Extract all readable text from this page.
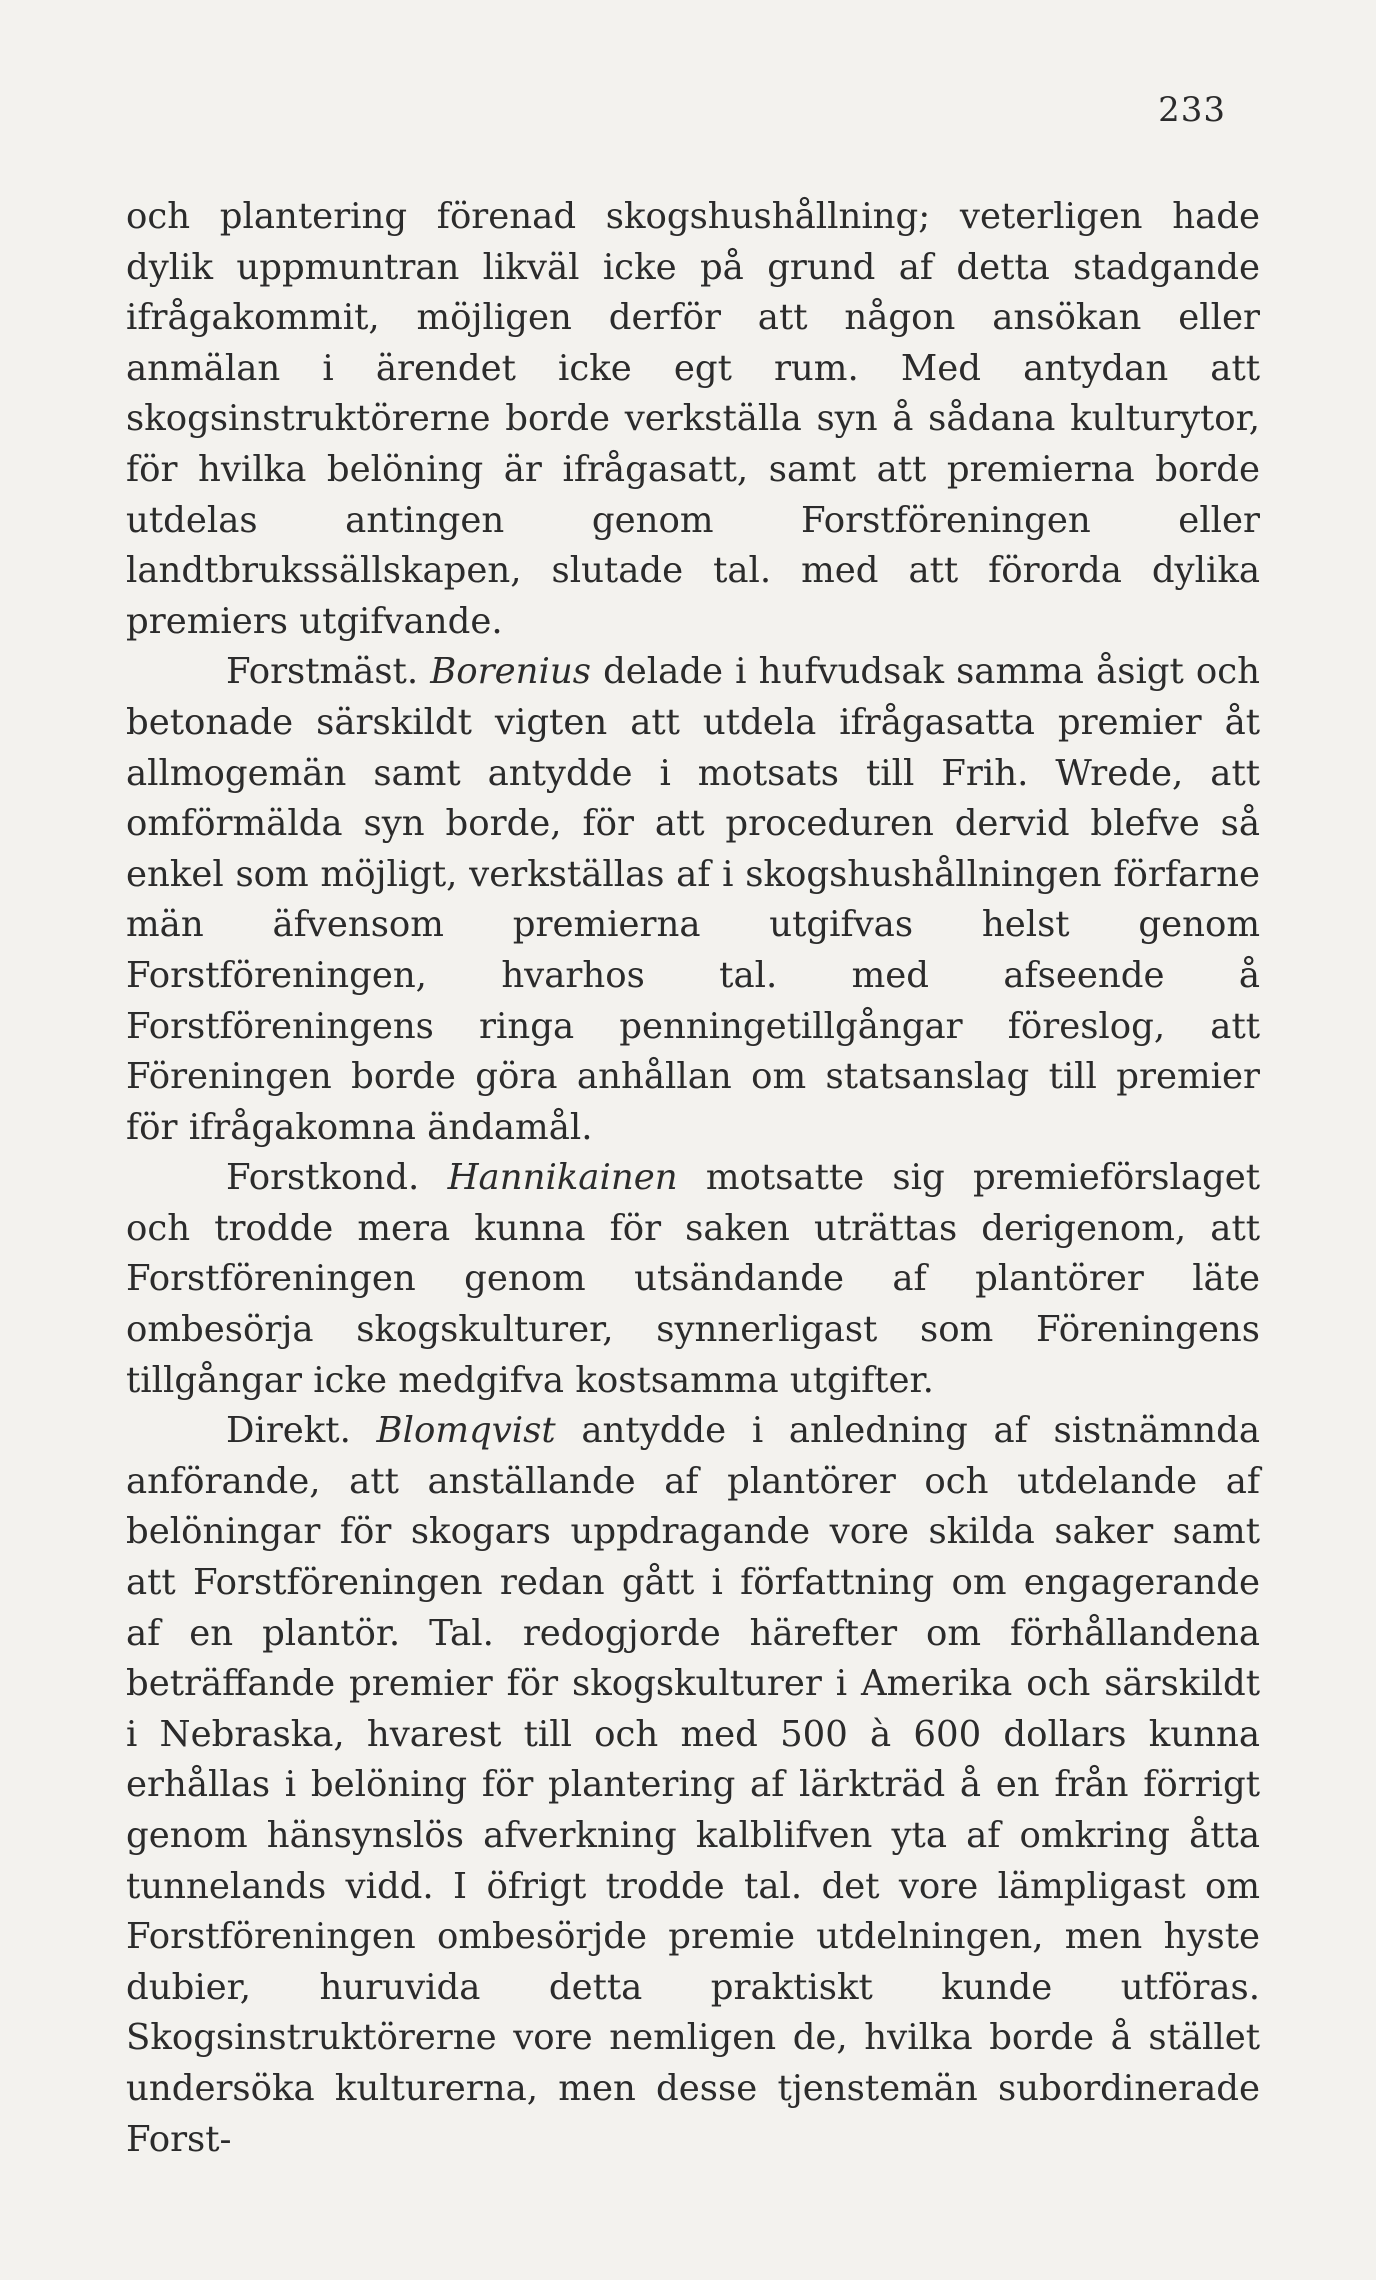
233

och plantering förenad skogshushållning; veterligen hade dylik uppmuntran likväl icke på grund af detta stadgande ifrågakommit, möjligen derför att någon ansökan eller anmälan i ärendet icke egt rum. Med antydan att skogsinstruktörerne borde verkställa syn å sådana kulturytor, för hvilka belöning är ifrågasatt, samt att premierna borde utdelas antingen genom Forstföreningen eller landtbrukssällskapen, slutade tal. med att förorda dylika premiers utgifvande.

Forstmäst. Borenius delade i hufvudsak samma åsigt och betonade särskildt vigten att utdela ifrågasatta premier åt allmogemän samt antydde i motsats till Frih. Wrede, att omförmälda syn borde, för att proceduren dervid blefve så enkel som möjligt, verkställas af i skogshushållningen förfarne män äfvensom premierna utgifvas helst genom Forstföreningen, hvarhos tal. med afseende å Forstföreningens ringa penningetillgångar föreslog, att Föreningen borde göra anhållan om statsanslag till premier för ifrågakomna ändamål.

Forstkond. Hannikainen motsatte sig premieförslaget och trodde mera kunna för saken uträttas derigenom, att Forstföreningen genom utsändande af plantörer läte ombesörja skogskulturer, synnerligast som Föreningens tillgångar icke medgifva kostsamma utgifter.

Direkt. Blomqvist antydde i anledning af sistnämnda anförande, att anställande af plantörer och utdelande af belöningar för skogars uppdragande vore skilda saker samt att Forstföreningen redan gått i författning om engagerande af en plantör. Tal. redogjorde härefter om förhållandena beträffande premier för skogskulturer i Amerika och särskildt i Nebraska, hvarest till och med 500 à 600 dollars kunna erhållas i belöning för plantering af lärkträd å en från förrigt genom hänsynslös afverkning kalblifven yta af omkring åtta tunnelands vidd. I öfrigt trodde tal. det vore lämpligast om Forstföreningen ombesörjde premie utdelningen, men hyste dubier, huruvida detta praktiskt kunde utföras. Skogsinstruktörerne vore nemligen de, hvilka borde å stället undersöka kulturerna, men desse tjenstemän subordinerade Forst-
